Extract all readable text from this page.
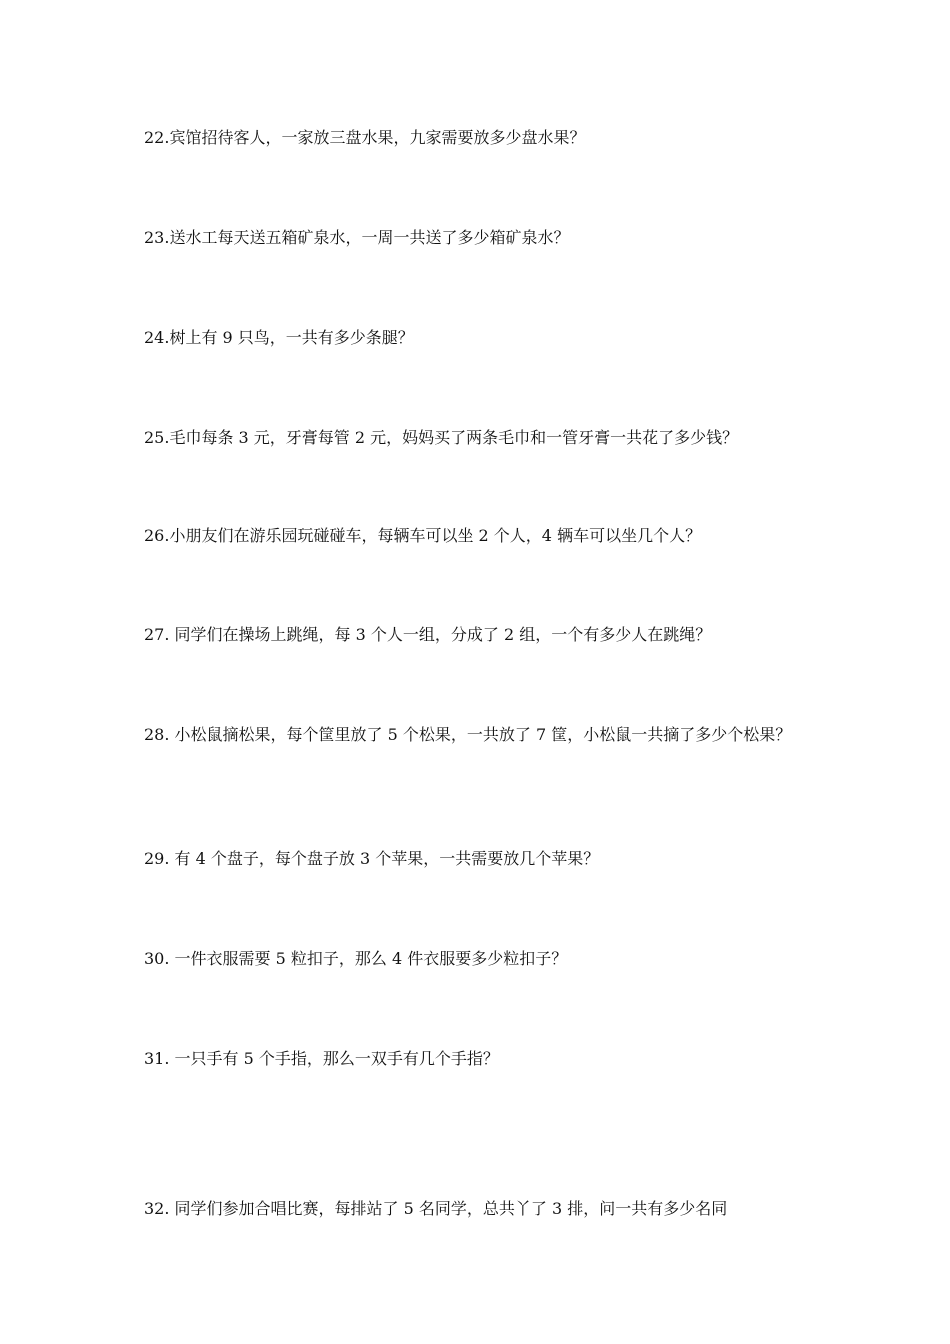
22.宾馆招待客人，一家放三盘水果，九家需要放多少盘水果？
23.送水工每天送五箱矿泉水，一周一共送了多少箱矿泉水？
24.树上有 9 只鸟，一共有多少条腿？
25.毛巾每条 3 元，牙膏每管 2 元，妈妈买了两条毛巾和一管牙膏一共花了多少钱？
26.小朋友们在游乐园玩碰碰车，每辆车可以坐 2 个人，4 辆车可以坐几个人？
27. 同学们在操场上跳绳，每 3 个人一组，分成了 2 组，一个有多少人在跳绳？
28. 小松鼠摘松果，每个筐里放了 5 个松果，一共放了 7 筐，小松鼠一共摘了多少个松果？
29. 有 4 个盘子，每个盘子放 3 个苹果，一共需要放几个苹果？
30. 一件衣服需要 5 粒扣子，那么 4 件衣服要多少粒扣子？
31. 一只手有 5 个手指，那么一双手有几个手指？
32. 同学们参加合唱比赛，每排站了 5 名同学，总共丫了 3 排，问一共有多少名同
